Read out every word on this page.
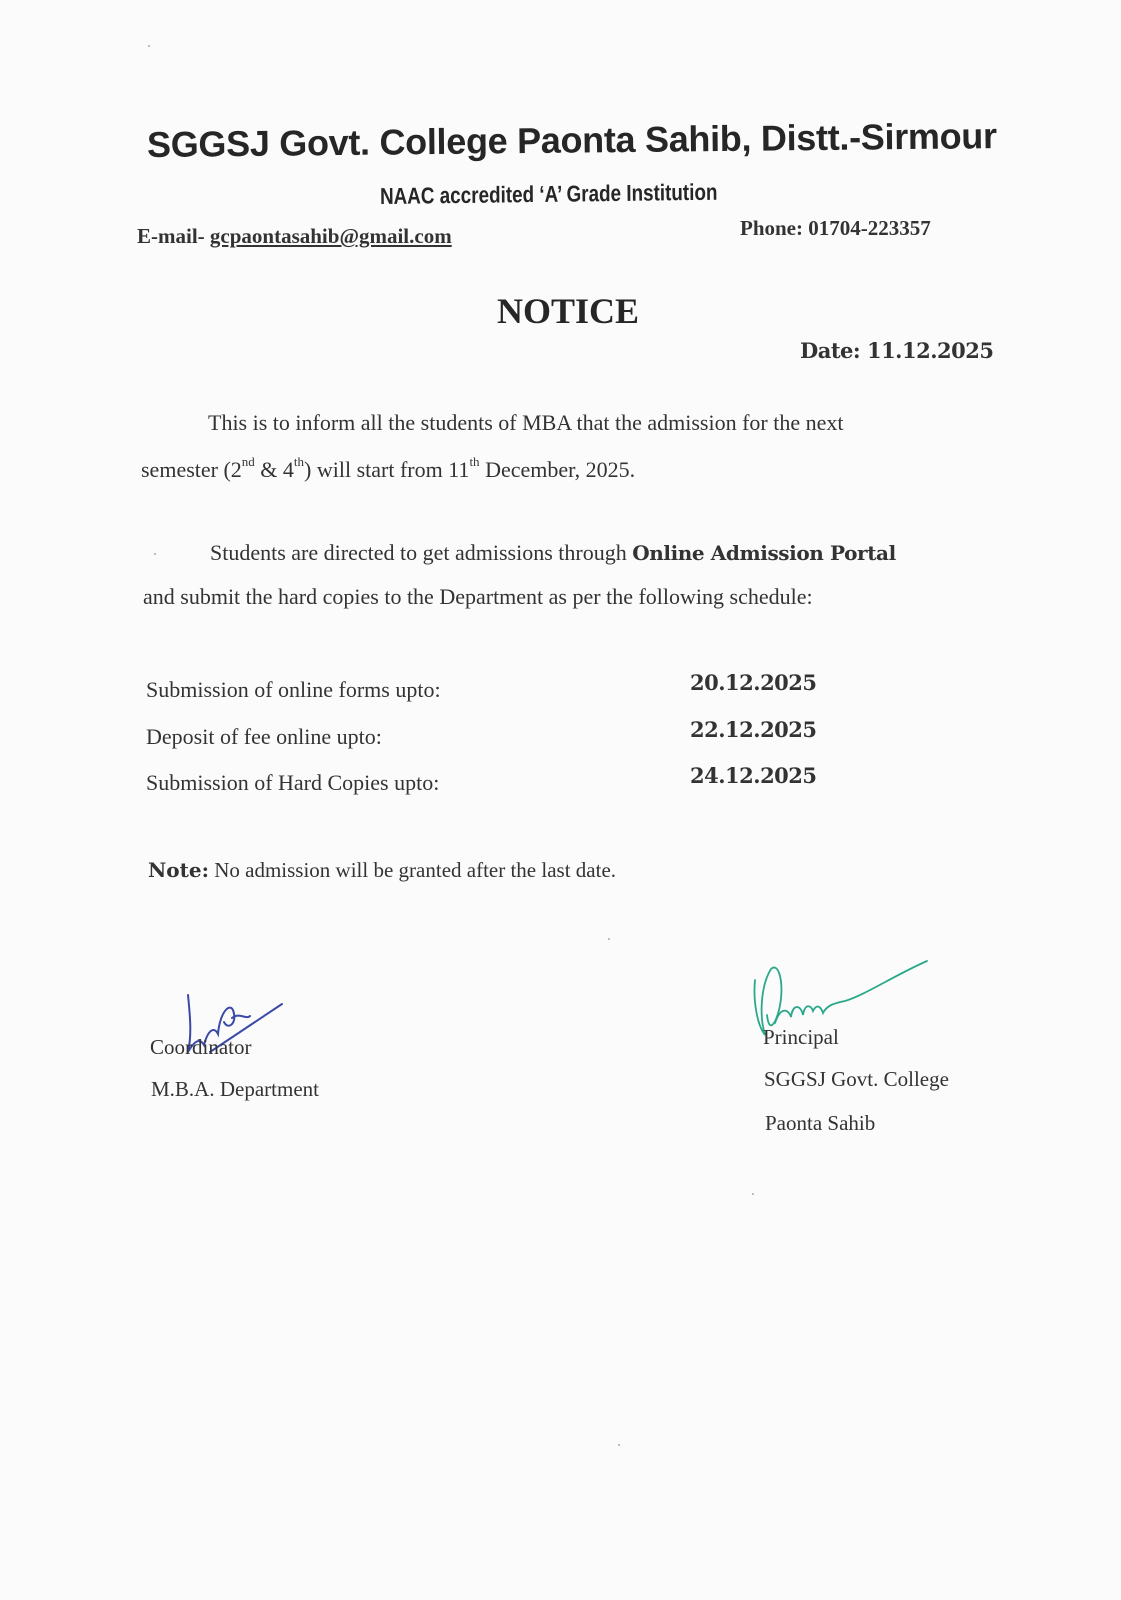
SGGSJ Govt. College Paonta Sahib, Distt.-Sirmour
NAAC accredited ‘A’ Grade Institution
E-mail- gcpaontasahib@gmail.com	Phone: 01704-223357
NOTICE
Date: 11.12.2025
This is to inform all the students of MBA that the admission for the next
semester (2nd & 4th) will start from 11th December, 2025.
Students are directed to get admissions through Online Admission Portal
and submit the hard copies to the Department as per the following schedule:
Submission of online forms upto:	20.12.2025
Deposit of fee online upto:	22.12.2025
Submission of Hard Copies upto:	24.12.2025
Note: No admission will be granted after the last date.
Coordinator
M.B.A. Department
Principal
SGGSJ Govt. College
Paonta Sahib
